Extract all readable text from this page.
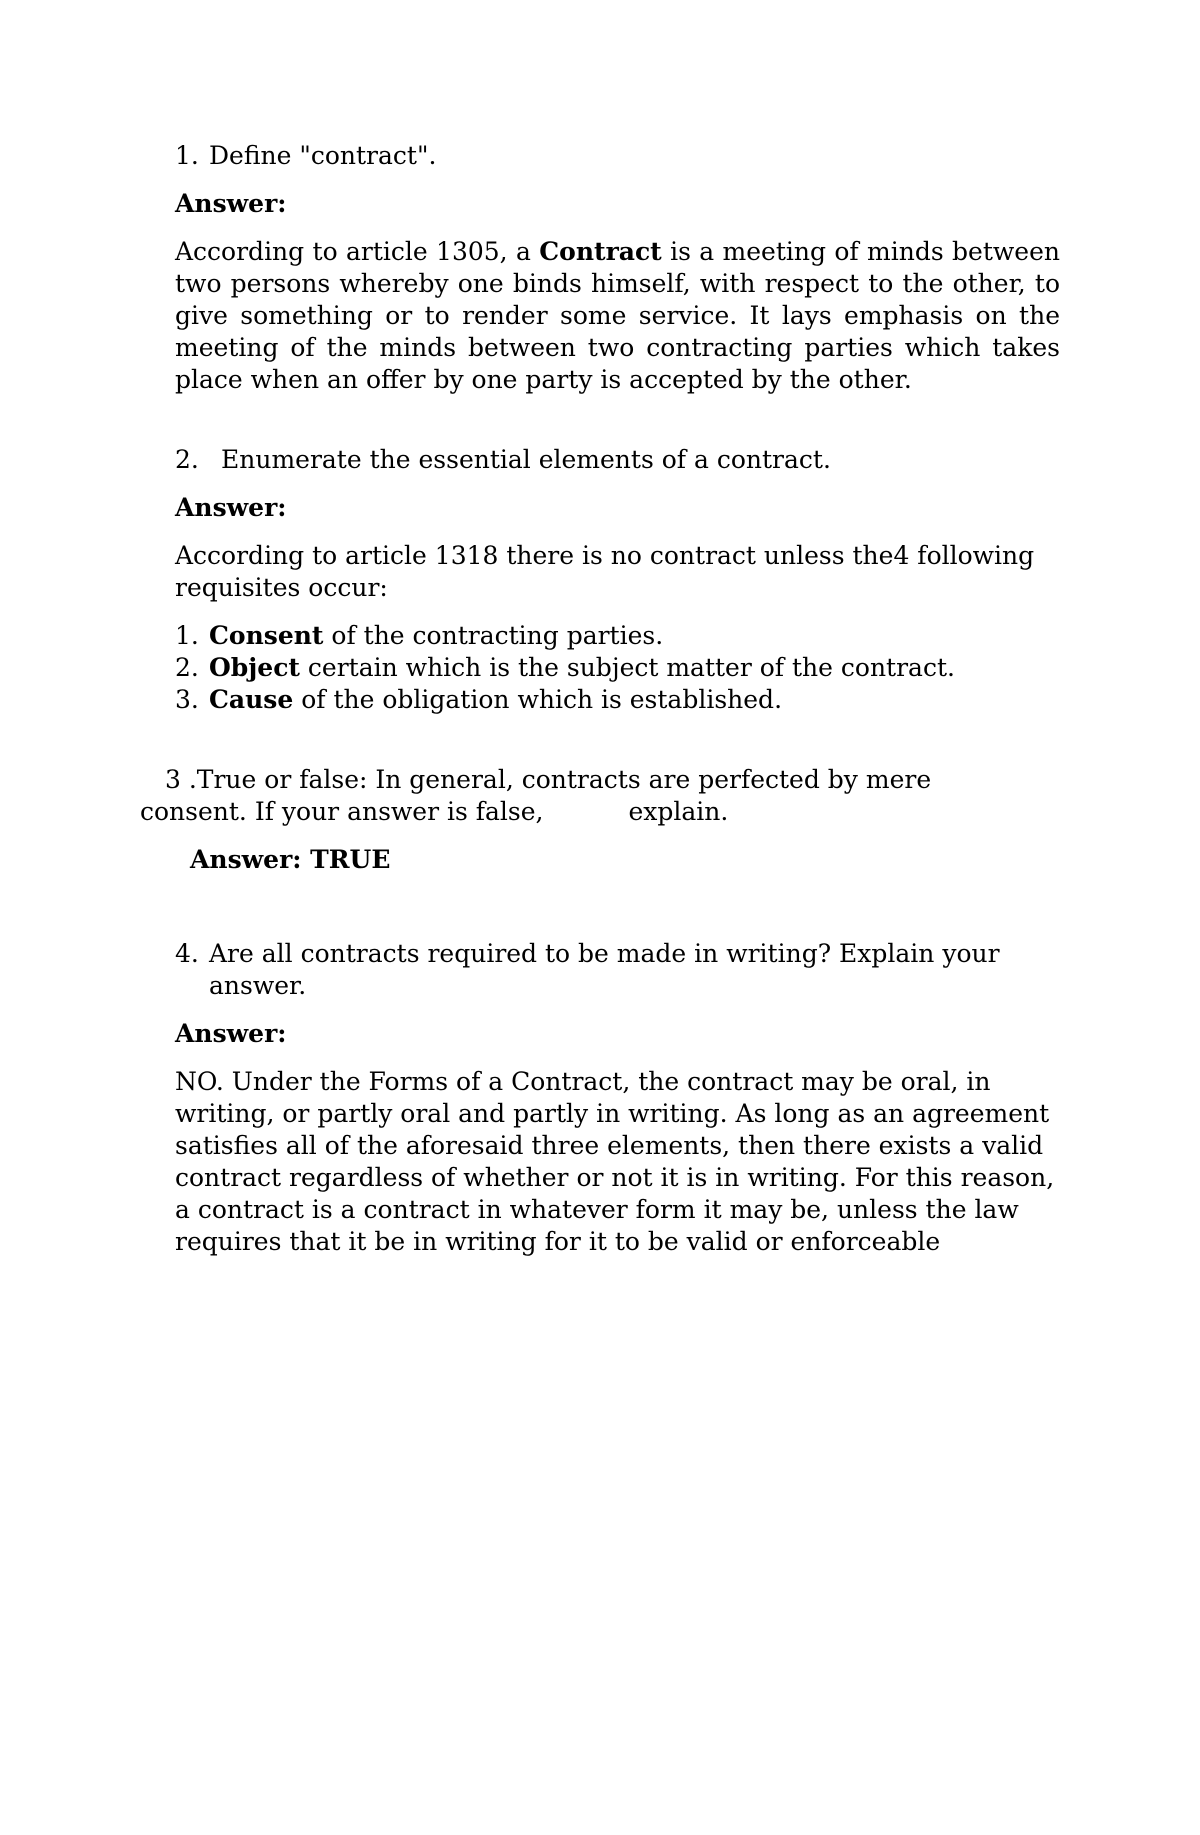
1. Define "contract".
Answer:
According to article 1305, a Contract is a meeting of minds between two persons whereby one binds himself, with respect to the other, to give something or to render some service. It lays emphasis on the meeting of the minds between two contracting parties which takes place when an offer by one party is accepted by the other.
2. Enumerate the essential elements of a contract.
Answer:
According to article 1318 there is no contract unless the4 following requisites occur:
1. Consent of the contracting parties.
2. Object certain which is the subject matter of the contract.
3. Cause of the obligation which is established.
3 .True or false: In general, contracts are perfected by mere
consent. If your answer is false,	explain.
Answer: TRUE
4. Are all contracts required to be made in writing? Explain your
answer.
Answer:
NO. Under the Forms of a Contract, the contract may be oral, in writing, or partly oral and partly in writing. As long as an agreement satisfies all of the aforesaid three elements, then there exists a valid contract regardless of whether or not it is in writing. For this reason, a contract is a contract in whatever form it may be, unless the law requires that it be in writing for it to be valid or enforceable
